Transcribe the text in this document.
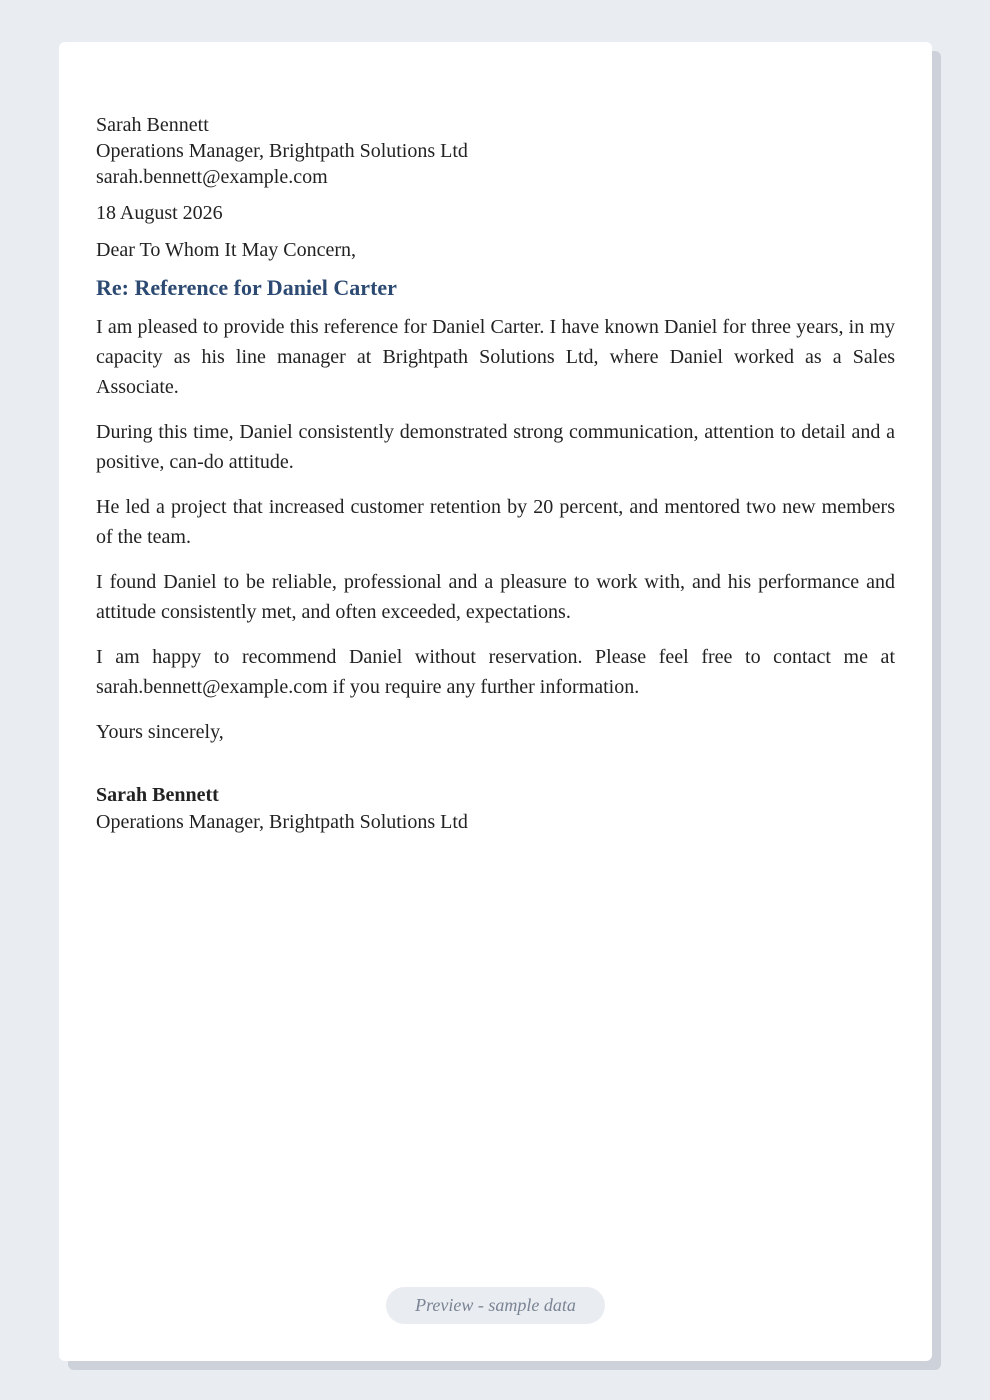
Sarah Bennett
Operations Manager, Brightpath Solutions Ltd
sarah.bennett@example.com
18 August 2026
Dear To Whom It May Concern,
Re: Reference for Daniel Carter

I am pleased to provide this reference for Daniel Carter. I have known Daniel for three years, in my capacity as his line manager at Brightpath Solutions Ltd, where Daniel worked as a Sales Associate.

During this time, Daniel consistently demonstrated strong communication, attention to detail and a positive, can-do attitude.

He led a project that increased customer retention by 20 percent, and mentored two new members of the team.

I found Daniel to be reliable, professional and a pleasure to work with, and his performance and attitude consistently met, and often exceeded, expectations.

I am happy to recommend Daniel without reservation. Please feel free to contact me at sarah.bennett@example.com if you require any further information.

Yours sincerely,
Sarah Bennett
Operations Manager, Brightpath Solutions Ltd
Preview - sample data
